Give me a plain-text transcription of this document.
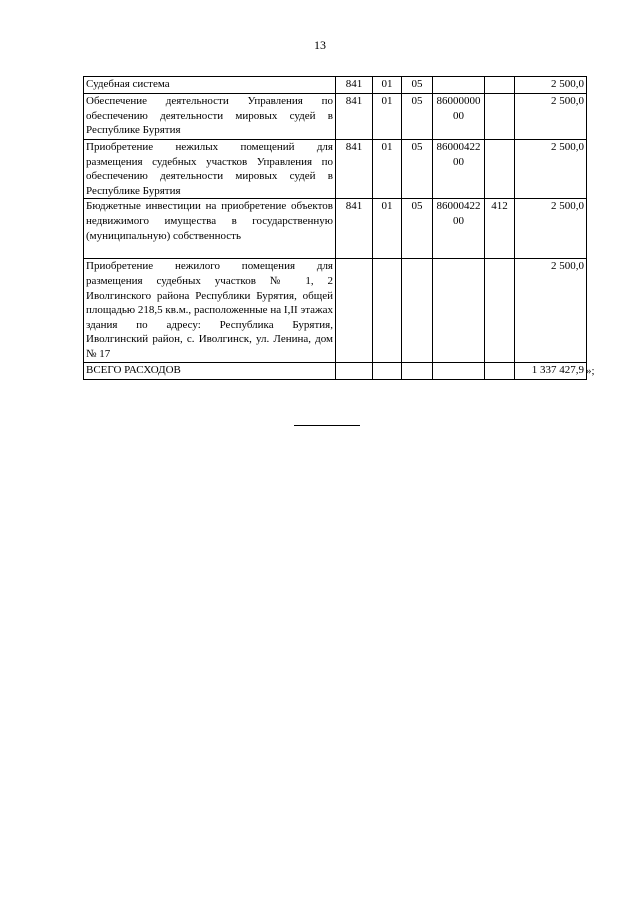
13
Судебная система	841	01	05			2 500,0
Обеспечение деятельности Управления по обеспечению деятельности мировых судей в Республике Бурятия	841	01	05	8600000000		2 500,0
Приобретение нежилых помещений для размещения судебных участков Управления по обеспечению деятельности мировых судей в Республике Бурятия	841	01	05	8600042200		2 500,0
Бюджетные инвестиции на приобретение объектов недвижимого имущества в государственную (муниципальную) собственность	841	01	05	8600042200	412	2 500,0
Приобретение нежилого помещения для размещения судебных участков № 1, 2 Иволгинского района Республики Бурятия, общей площадью 218,5 кв.м., расположенные на I,II этажах здания по адресу: Республика Бурятия, Иволгинский район, с. Иволгинск, ул. Ленина, дом № 17						2 500,0
ВСЕГО РАСХОДОВ						1 337 427,9 »;
